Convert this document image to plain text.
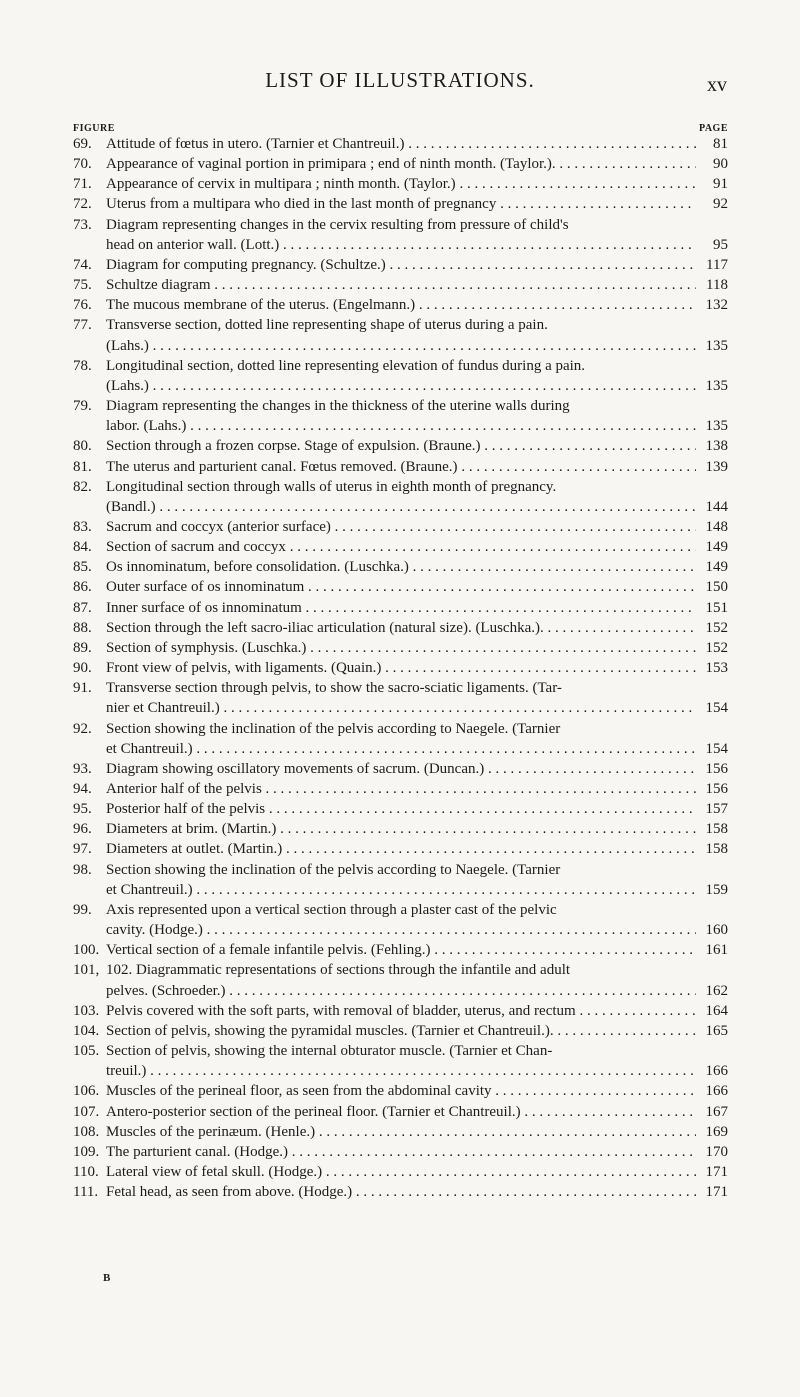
LIST OF ILLUSTRATIONS.	xv
FIGURE	PAGE
69. Attitude of fœtus in utero. (Tarnier et Chantreuil.) . . .	81
70. Appearance of vaginal portion in primipara ; end of ninth month. (Taylor.). . . .	90
71. Appearance of cervix in multipara ; ninth month. (Taylor.) . . .	91
72. Uterus from a multipara who died in the last month of pregnancy . . .	92
73. Diagram representing changes in the cervix resulting from pressure of child's
head on anterior wall. (Lott.) . . .	95
74. Diagram for computing pregnancy. (Schultze.) . . .	117
75. Schultze diagram . . .	118
76. The mucous membrane of the uterus. (Engelmann.) . . .	132
77. Transverse section, dotted line representing shape of uterus during a pain.
(Lahs.) . . .	135
78. Longitudinal section, dotted line representing elevation of fundus during a pain.
(Lahs.) . . .	135
79. Diagram representing the changes in the thickness of the uterine walls during
labor. (Lahs.) . . .	135
80. Section through a frozen corpse. Stage of expulsion. (Braune.) . . .	138
81. The uterus and parturient canal. Fœtus removed. (Braune.) . . .	139
82. Longitudinal section through walls of uterus in eighth month of pregnancy.
(Bandl.) . . .	144
83. Sacrum and coccyx (anterior surface) . . .	148
84. Section of sacrum and coccyx . . .	149
85. Os innominatum, before consolidation. (Luschka.) . . .	149
86. Outer surface of os innominatum . . .	150
87. Inner surface of os innominatum . . .	151
88. Section through the left sacro-iliac articulation (natural size). (Luschka.). . . . . . .	152
89. Section of symphysis. (Luschka.) . . .	152
90. Front view of pelvis, with ligaments. (Quain.) . . .	153
91. Transverse section through pelvis, to show the sacro-sciatic ligaments. (Tar-
nier et Chantreuil.) . . .	154
92. Section showing the inclination of the pelvis according to Naegele. (Tarnier
et Chantreuil.) . . .	154
93. Diagram showing oscillatory movements of sacrum. (Duncan.) . . .	156
94. Anterior half of the pelvis . . .	156
95. Posterior half of the pelvis . . .	157
96. Diameters at brim. (Martin.) . . .	158
97. Diameters at outlet. (Martin.) . . .	158
98. Section showing the inclination of the pelvis according to Naegele. (Tarnier
et Chantreuil.) . . .	159
99. Axis represented upon a vertical section through a plaster cast of the pelvic
cavity. (Hodge.) . . .	160
100. Vertical section of a female infantile pelvis. (Fehling.) . . .	161
101, 102. Diagrammatic representations of sections through the infantile and adult
pelves. (Schroeder.) . . .	162
103. Pelvis covered with the soft parts, with removal of bladder, uterus, and rectum . . .	164
104. Section of pelvis, showing the pyramidal muscles. (Tarnier et Chantreuil.). . . . .	165
105. Section of pelvis, showing the internal obturator muscle. (Tarnier et Chan-
treuil.) . . .	166
106. Muscles of the perineal floor, as seen from the abdominal cavity . . .	166
107. Antero-posterior section of the perineal floor. (Tarnier et Chantreuil.) . . .	167
108. Muscles of the perinæum. (Henle.) . . .	169
109. The parturient canal. (Hodge.) . . .	170
110. Lateral view of fetal skull. (Hodge.) . . .	171
111. Fetal head, as seen from above. (Hodge.) . . .	171
B
